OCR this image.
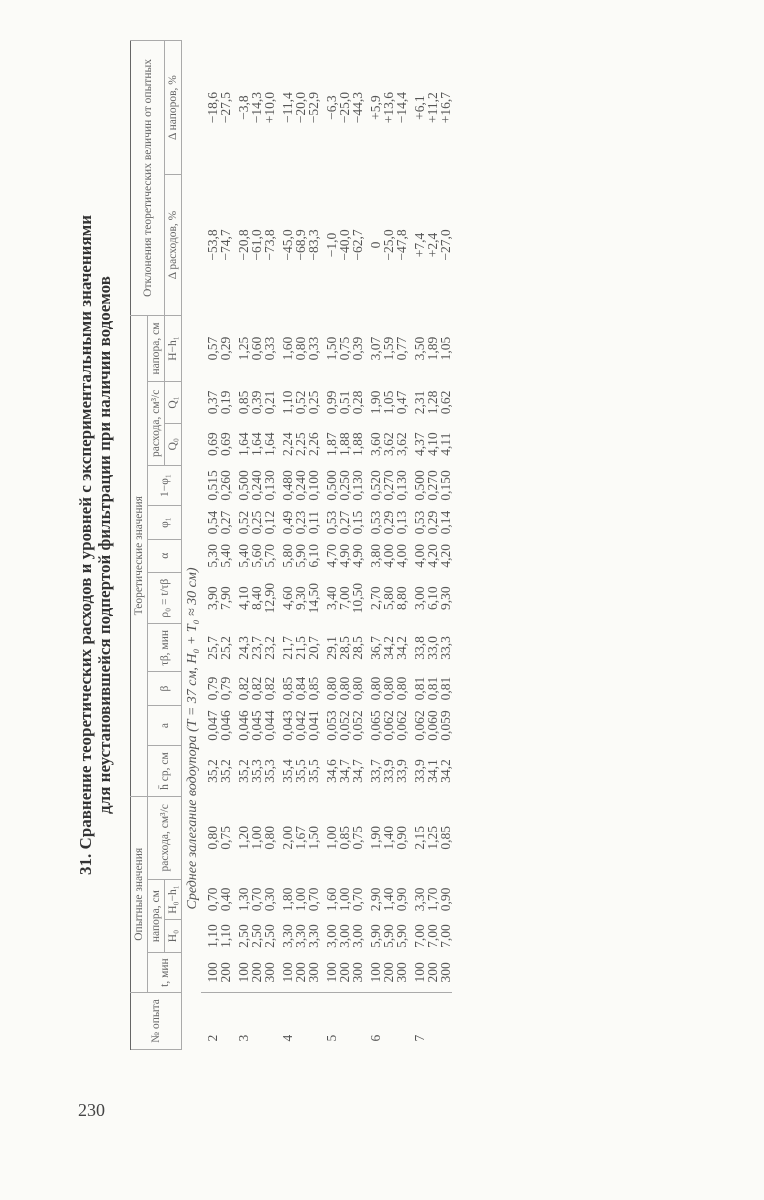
230
31. Сравнение теоретических расходов и уровней с экспериментальными значениями для неустановившейся подпертой фильтрации при наличии водоемов
№ опыта	Опытные значения				Теоретические значения											Отклонения теоретических величин от опытных	
	t, мин	напора, см		расхода, см³/с	h̄ ср, см	a	β	τβ, мин	ρ₀ = t/τβ	α	φ₁	1−φ₁	расхода, см³/с		напора, см		
		H₀	H₀−h₁										Q₀	Q₁	H−h₁	Δ расходов, %	Δ напоров, %
Среднее залегание водоупора (T = 37 см, H₀ + T₀ ≈ 30 см)																	
2	100	1,10	0,70	0,80	35,2	0,047	0,79	25,7	3,90	5,30	0,54	0,515	0,69	0,37	0,57	−53,8	−18,6
	200	1,10	0,40	0,75	35,2	0,046	0,79	25,2	7,90	5,40	0,27	0,260	0,69	0,19	0,29	−74,7	−27,5
3	100	2,50	1,30	1,20	35,2	0,046	0,82	24,3	4,10	5,40	0,52	0,500	1,64	0,85	1,25	−20,8	−3,8
	200	2,50	0,70	1,00	35,3	0,045	0,82	23,7	8,40	5,60	0,25	0,240	1,64	0,39	0,60	−61,0	−14,3
	300	2,50	0,30	0,80	35,3	0,044	0,82	23,2	12,90	5,70	0,12	0,130	1,64	0,21	0,33	−73,8	+10,0
4	100	3,30	1,80	2,00	35,4	0,043	0,85	21,7	4,60	5,80	0,49	0,480	2,24	1,10	1,60	−45,0	−11,4
	200	3,30	1,00	1,67	35,5	0,042	0,84	21,5	9,30	5,90	0,23	0,240	2,25	0,52	0,80	−68,9	−20,0
	300	3,30	0,70	1,50	35,5	0,041	0,85	20,7	14,50	6,10	0,11	0,100	2,26	0,25	0,33	−83,3	−52,9
5	100	3,00	1,60	1,00	34,6	0,053	0,80	29,1	3,40	4,70	0,53	0,500	1,87	0,99	1,50	−1,0	−6,3
	200	3,00	1,00	0,85	34,7	0,052	0,80	28,5	7,00	4,90	0,27	0,250	1,88	0,51	0,75	−40,0	−25,0
	300	3,00	0,70	0,75	34,7	0,052	0,80	28,5	10,50	4,90	0,15	0,130	1,88	0,28	0,39	−62,7	−44,3
6	100	5,90	2,90	1,90	33,7	0,065	0,80	36,7	2,70	3,80	0,53	0,520	3,60	1,90	3,07	0	+5,9
	200	5,90	1,40	1,40	33,9	0,062	0,80	34,2	5,80	4,00	0,29	0,270	3,62	1,05	1,59	−25,0	+13,6
	300	5,90	0,90	0,90	33,9	0,062	0,80	34,2	8,80	4,00	0,13	0,130	3,62	0,47	0,77	−47,8	−14,4
7	100	7,00	3,30	2,15	33,9	0,062	0,81	33,8	3,00	4,00	0,53	0,500	4,37	2,31	3,50	+7,4	+6,1
	200	7,00	1,70	1,25	34,1	0,060	0,81	33,0	6,10	4,20	0,29	0,270	4,10	1,28	1,89	+2,4	+11,2
	300	7,00	0,90	0,85	34,2	0,059	0,81	33,3	9,30	4,20	0,14	0,150	4,11	0,62	1,05	−27,0	+16,7
